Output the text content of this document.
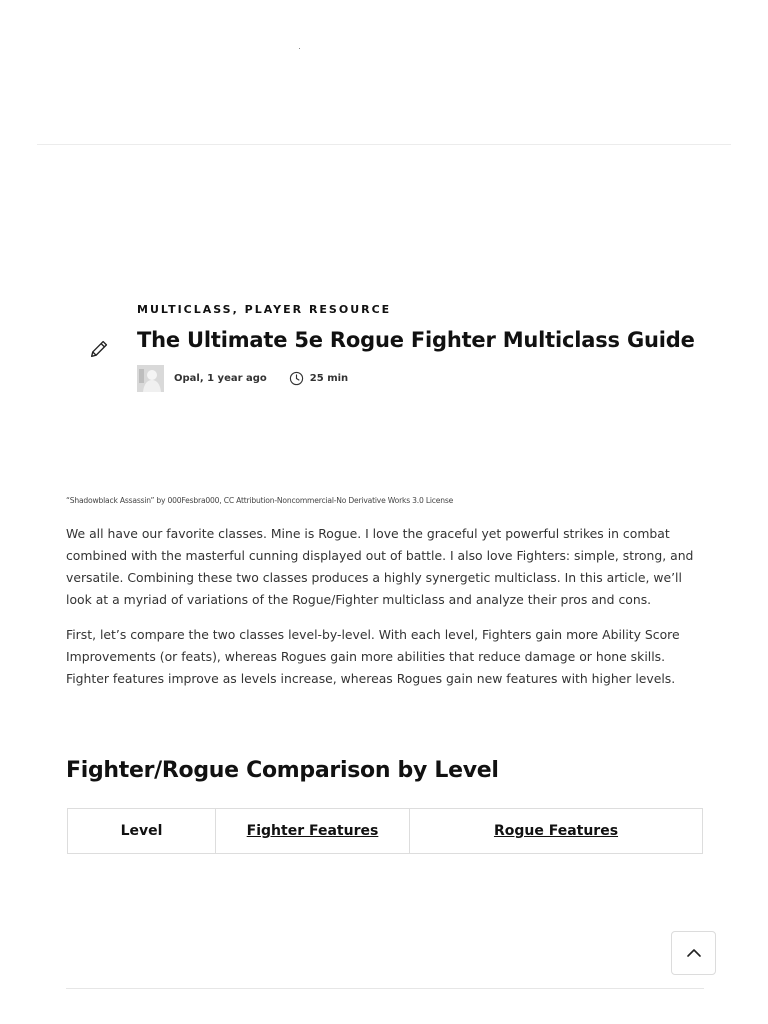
MULTICLASS, PLAYER RESOURCE
The Ultimate 5e Rogue Fighter Multiclass Guide
Opal, 1 year ago	25 min
“Shadowblack Assassin” by 000Fesbra000, CC Attribution-Noncommercial-No Derivative Works 3.0 License

We all have our favorite classes. Mine is Rogue. I love the graceful yet powerful strikes in combat combined with the masterful cunning displayed out of battle. I also love Fighters: simple, strong, and versatile. Combining these two classes produces a highly synergetic multiclass. In this article, we’ll look at a myriad of variations of the Rogue/Fighter multiclass and analyze their pros and cons.

First, let’s compare the two classes level-by-level. With each level, Fighters gain more Ability Score Improvements (or feats), whereas Rogues gain more abilities that reduce damage or hone skills. Fighter features improve as levels increase, whereas Rogues gain new features with higher levels.

Fighter/Rogue Comparison by Level
Level	Fighter Features	Rogue Features
